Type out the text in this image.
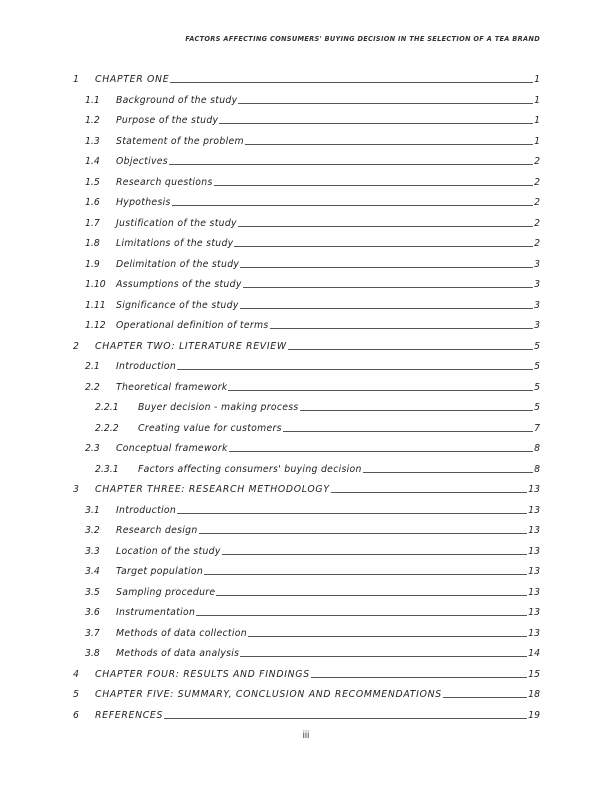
FACTORS AFFECTING CONSUMERS' BUYING DECISION IN THE SELECTION OF A TEA BRAND
1 CHAPTER ONE	1
1.1 Background of the study	1
1.2 Purpose of the study	1
1.3 Statement of the problem	1
1.4 Objectives	2
1.5 Research questions	2
1.6 Hypothesis	2
1.7 Justification of the study	2
1.8 Limitations of the study	2
1.9 Delimitation of the study	3
1.10 Assumptions of the study	3
1.11 Significance of the study	3
1.12 Operational definition of terms	3
2 CHAPTER TWO: LITERATURE REVIEW	5
2.1 Introduction	5
2.2 Theoretical framework	5
2.2.1 Buyer decision - making process	5
2.2.2 Creating value for customers	7
2.3 Conceptual framework	8
2.3.1 Factors affecting consumers' buying decision	8
3 CHAPTER THREE: RESEARCH METHODOLOGY	13
3.1 Introduction	13
3.2 Research design	13
3.3 Location of the study	13
3.4 Target population	13
3.5 Sampling procedure	13
3.6 Instrumentation	13
3.7 Methods of data collection	13
3.8 Methods of data analysis	14
4 CHAPTER FOUR: RESULTS AND FINDINGS	15
5 CHAPTER FIVE: SUMMARY, CONCLUSION AND RECOMMENDATIONS	18
6 REFERENCES	19
iii
